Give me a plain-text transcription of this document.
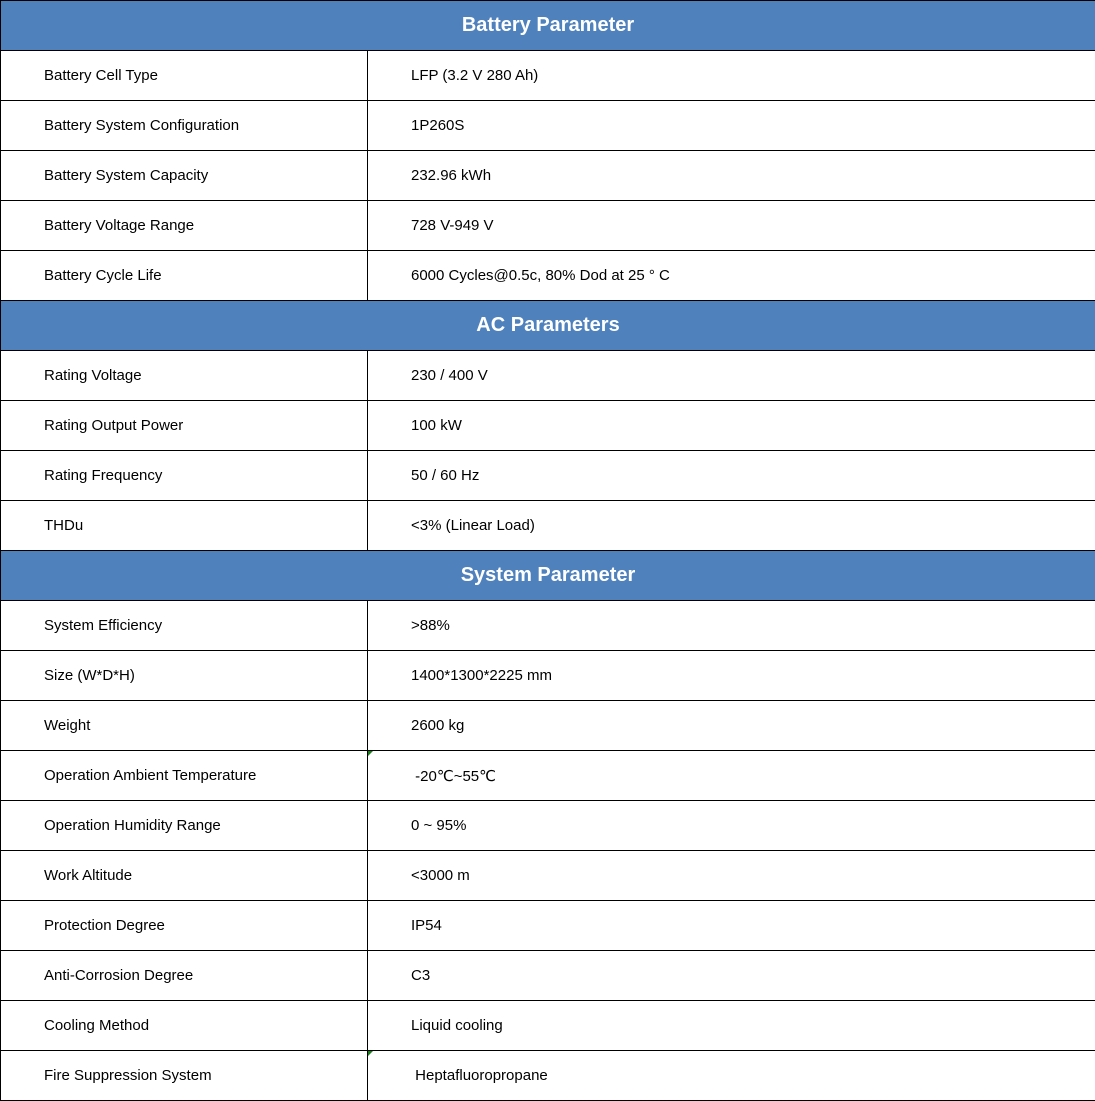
Battery Parameter	
Battery Cell Type	LFP (3.2 V 280 Ah)
Battery System Configuration	1P260S
Battery System Capacity	232.96 kWh
Battery Voltage Range	728 V-949 V
Battery Cycle Life	6000 Cycles@0.5c, 80% Dod at 25 ° C
AC Parameters	
Rating Voltage	230 / 400 V
Rating Output Power	100 kW
Rating Frequency	50 / 60 Hz
THDu	<3% (Linear Load)
System Parameter	
System Efficiency	>88%
Size (W*D*H)	1400*1300*2225 mm
Weight	2600 kg
Operation Ambient Temperature	-20℃~55℃
Operation Humidity Range	0 ~ 95%
Work Altitude	<3000 m
Protection Degree	IP54
Anti-Corrosion Degree	C3
Cooling Method	Liquid cooling
Fire Suppression System	Heptafluoropropane
